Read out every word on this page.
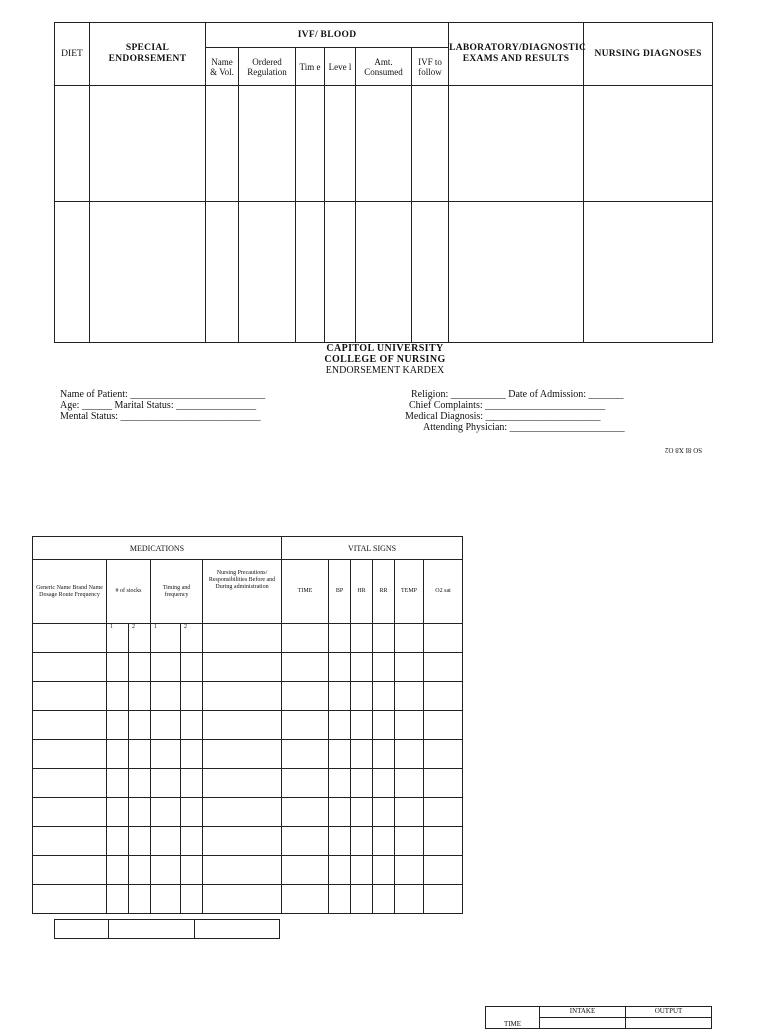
DIET	SPECIAL ENDORSEMENT	IVF/ BLOOD						LABORATORY/DIAGNOSTIC EXAMS AND RESULTS	NURSING DIAGNOSES
		Name & Vol.	Ordered Regulation	Tim e	Leve l	Amt. Consumed	IVF to follow		

CAPITOL UNIVERSITY
COLLEGE OF NURSING
ENDORSEMENT KARDEX
Name of Patient: ___________________________
Age: ______ Marital Status: ________________
Mental Status: ____________________________
Religion: ___________ Date of Admission: _______
Chief Complaints: ________________________
Medical Diagnosis: _______________________
Attending Physician: _______________________
SO 8I X8 O2
MEDICATIONS						VITAL SIGNS					
Generic Name Brand Name Dosage Route Frequency	# of stocks		Timing and frequency		Nursing Precautions/ Responsibilities Before and During administration	TIME	BP	HR	RR	TEMP	O2 sat
	1	2	1	2							

TIME	INTAKE	OUTPUT
